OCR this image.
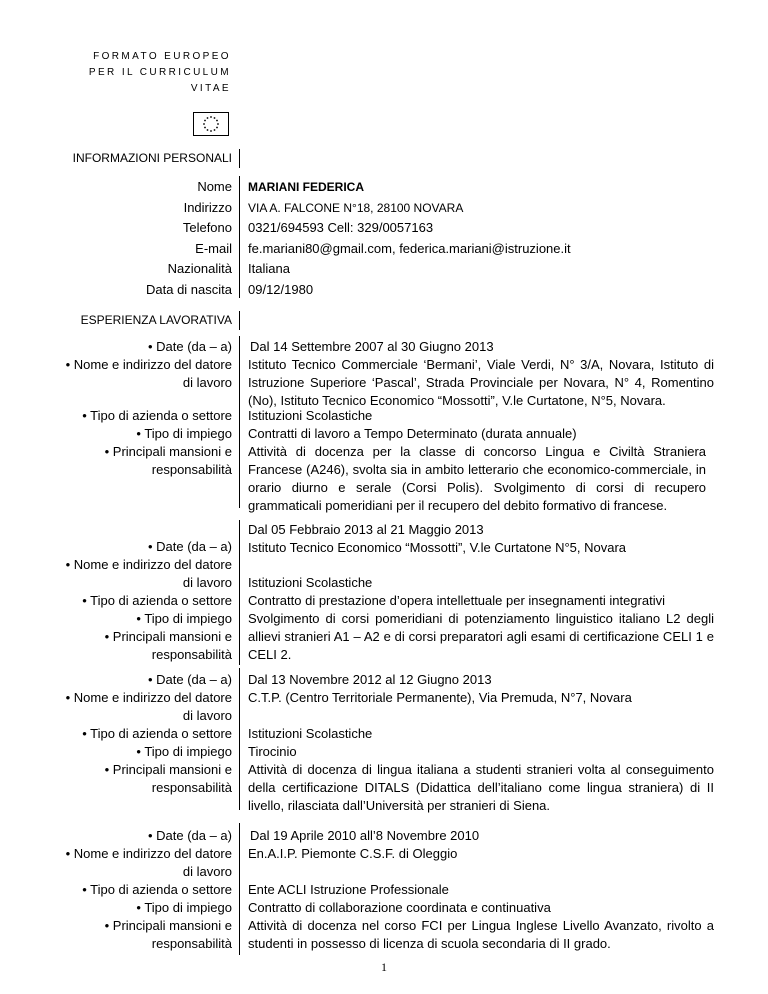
FORMATO EUROPEO
PER IL CURRICULUM
VITAE
INFORMAZIONI PERSONALI
Nome
Indirizzo
Telefono
E-mail
Nazionalità
Data di nascita
MARIANI FEDERICA
VIA A. FALCONE N°18, 28100 NOVARA
0321/694593 Cell: 329/0057163
fe.mariani80@gmail.com, federica.mariani@istruzione.it
Italiana
09/12/1980
ESPERIENZA LAVORATIVA
• Date (da – a)
• Nome e indirizzo del datore
di lavoro
• Tipo di azienda o settore
• Tipo di impiego
• Principali mansioni e
responsabilità
Dal 14 Settembre 2007 al 30 Giugno 2013
Istituto Tecnico Commerciale ‘Bermani’, Viale Verdi, N° 3/A, Novara, Istituto di Istruzione Superiore ‘Pascal’, Strada Provinciale per Novara, N° 4, Romentino (No), Istituto Tecnico Economico “Mossotti”, V.le Curtatone, N°5, Novara.
Istituzioni Scolastiche
Contratti di lavoro a Tempo Determinato (durata annuale)
Attività di docenza per la classe di concorso Lingua e Civiltà Straniera Francese (A246), svolta sia in ambito letterario che economico-commerciale, in orario diurno e serale (Corsi Polis). Svolgimento di corsi di recupero grammaticali pomeridiani per il recupero del debito formativo di francese.
• Date (da – a)
• Nome e indirizzo del datore
di lavoro
• Tipo di azienda o settore
• Tipo di impiego
• Principali mansioni e
responsabilità
Dal 05 Febbraio 2013 al 21 Maggio 2013
Istituto Tecnico Economico “Mossotti”, V.le Curtatone N°5, Novara
Istituzioni Scolastiche
Contratto di prestazione d’opera intellettuale per insegnamenti integrativi
Svolgimento di corsi pomeridiani di potenziamento linguistico italiano L2 degli allievi stranieri A1 – A2 e di corsi preparatori agli esami di certificazione CELI 1 e CELI 2.
• Date (da – a)
• Nome e indirizzo del datore
di lavoro
• Tipo di azienda o settore
• Tipo di impiego
• Principali mansioni e
responsabilità
Dal 13 Novembre 2012 al 12 Giugno 2013
C.T.P. (Centro Territoriale Permanente), Via Premuda, N°7, Novara
Istituzioni Scolastiche
Tirocinio
Attività di docenza di lingua italiana a studenti stranieri volta al conseguimento della certificazione DITALS (Didattica dell’italiano come lingua straniera) di II livello, rilasciata dall’Università per stranieri di Siena.
• Date (da – a)
• Nome e indirizzo del datore
di lavoro
• Tipo di azienda o settore
• Tipo di impiego
• Principali mansioni e
responsabilità
Dal 19 Aprile 2010 all’8 Novembre 2010
En.A.I.P. Piemonte C.S.F. di Oleggio
Ente ACLI Istruzione Professionale
Contratto di collaborazione coordinata e continuativa
Attività di docenza nel corso FCI per Lingua Inglese Livello Avanzato, rivolto a studenti in possesso di licenza di scuola secondaria di II grado.
1
